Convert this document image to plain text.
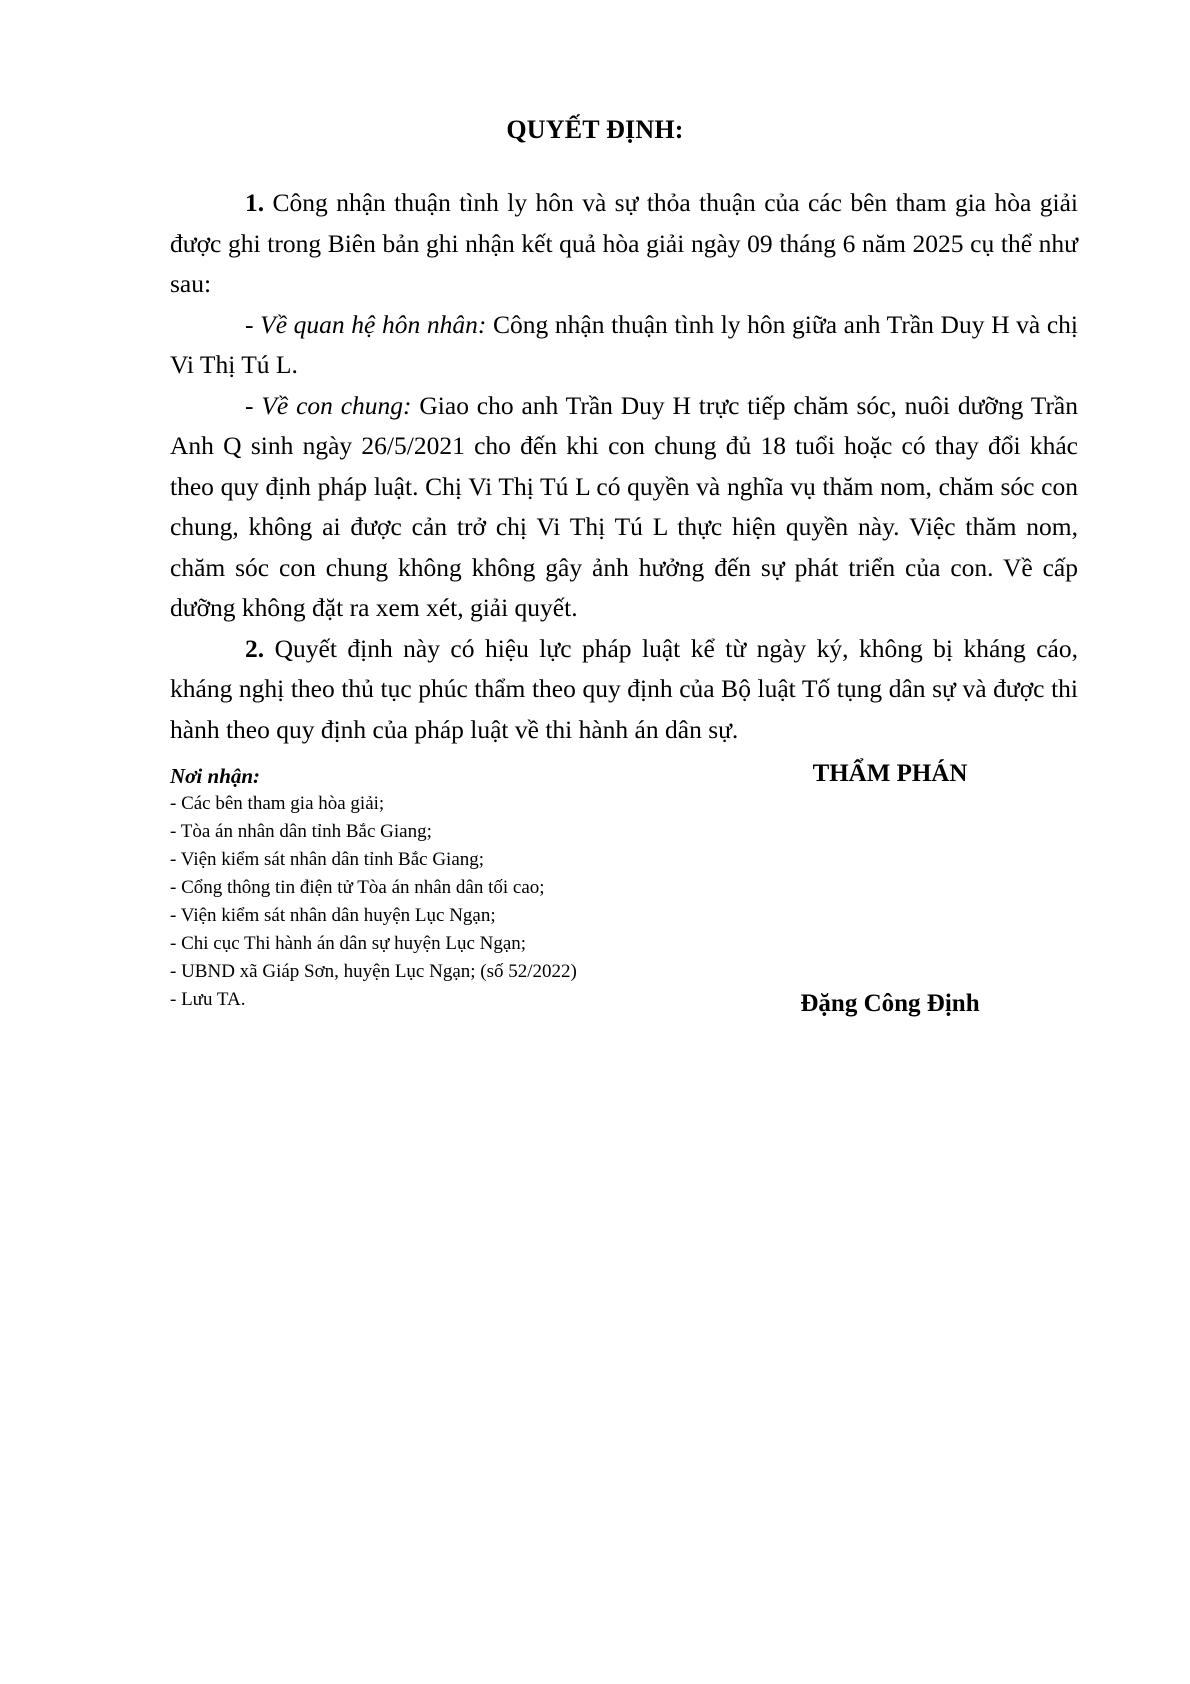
QUYẾT ĐỊNH:

1. Công nhận thuận tình ly hôn và sự thỏa thuận của các bên tham gia hòa giải được ghi trong Biên bản ghi nhận kết quả hòa giải ngày 09 tháng 6 năm 2025 cụ thể như sau:

- Về quan hệ hôn nhân: Công nhận thuận tình ly hôn giữa anh Trần Duy H và chị Vi Thị Tú L.

- Về con chung: Giao cho anh Trần Duy H trực tiếp chăm sóc, nuôi dưỡng Trần Anh Q sinh ngày 26/5/2021 cho đến khi con chung đủ 18 tuổi hoặc có thay đổi khác theo quy định pháp luật. Chị Vi Thị Tú L có quyền và nghĩa vụ thăm nom, chăm sóc con chung, không ai được cản trở chị Vi Thị Tú L thực hiện quyền này. Việc thăm nom, chăm sóc con chung không không gây ảnh hưởng đến sự phát triển của con. Về cấp dưỡng không đặt ra xem xét, giải quyết.

2. Quyết định này có hiệu lực pháp luật kể từ ngày ký, không bị kháng cáo, kháng nghị theo thủ tục phúc thẩm theo quy định của Bộ luật Tố tụng dân sự và được thi hành theo quy định của pháp luật về thi hành án dân sự.

Nơi nhận:
- Các bên tham gia hòa giải;
- Tòa án nhân dân tỉnh Bắc Giang;
- Viện kiểm sát nhân dân tỉnh Bắc Giang;
- Cổng thông tin điện tử Tòa án nhân dân tối cao;
- Viện kiểm sát nhân dân huyện Lục Ngạn;
- Chi cục Thi hành án dân sự huyện Lục Ngạn;
- UBND xã Giáp Sơn, huyện Lục Ngạn; (số 52/2022)
- Lưu TA.
THẨM PHÁN
Đặng Công Định
